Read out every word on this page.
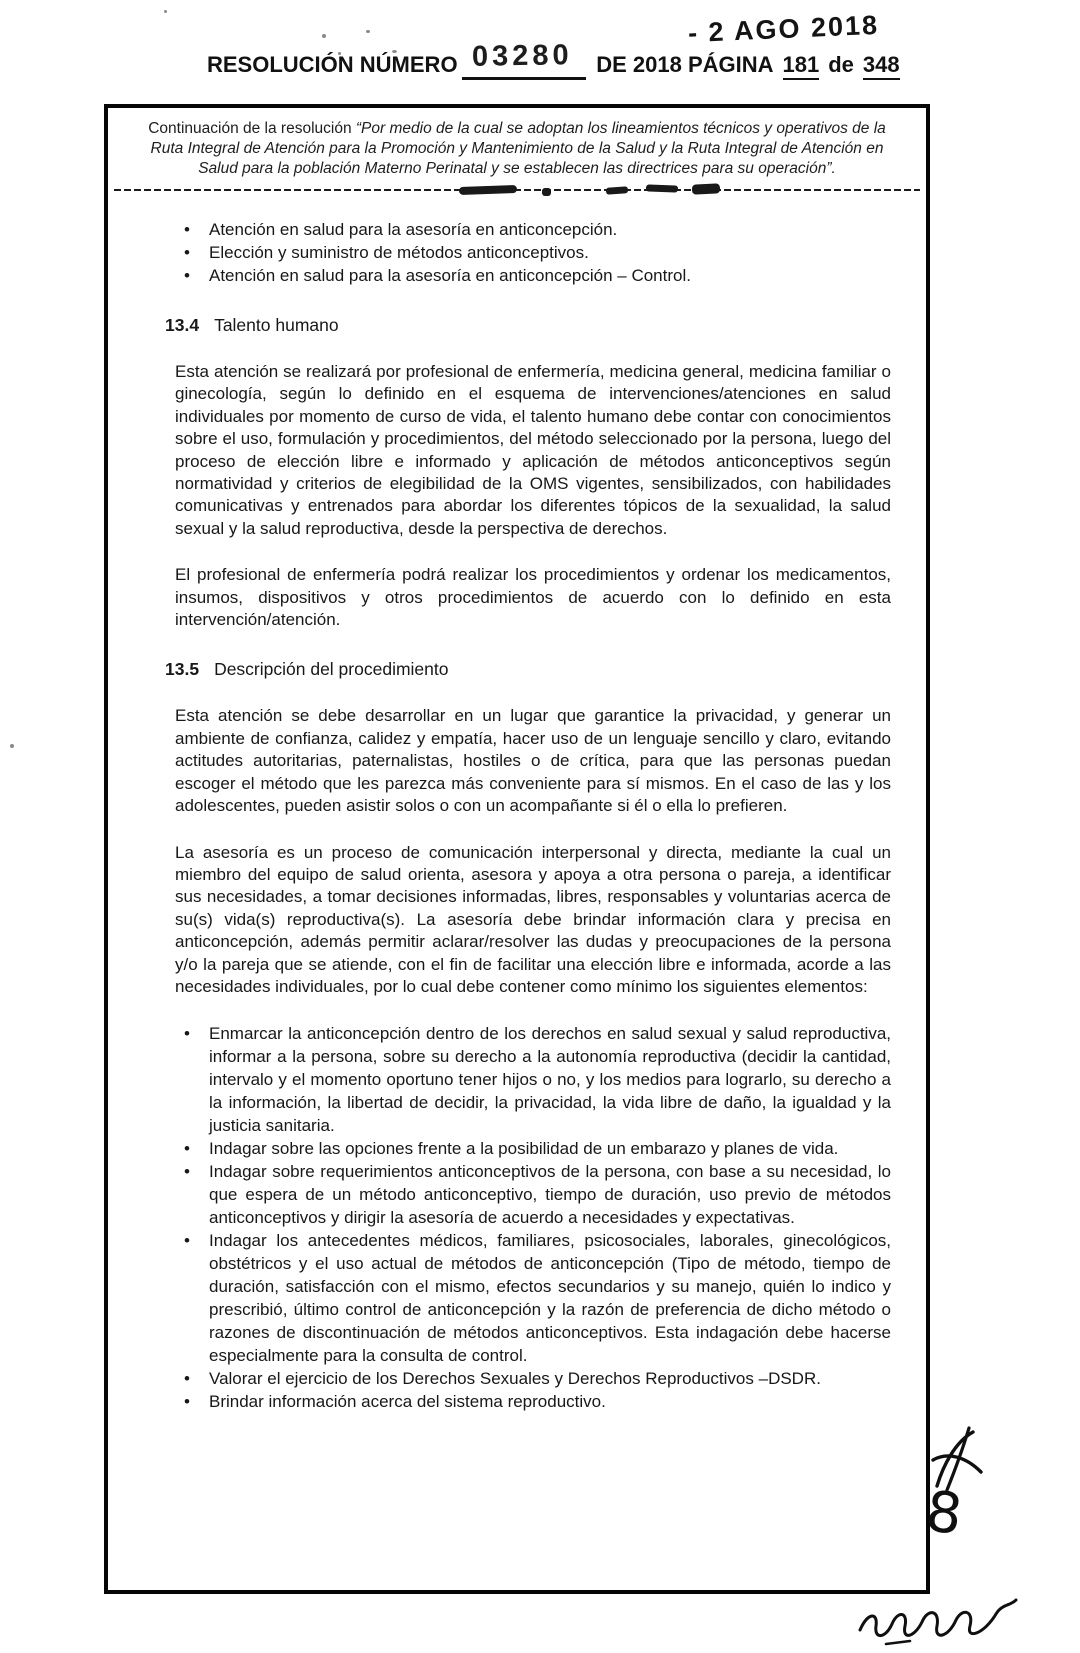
- 2 AGO 2018
RESOLUCIÓN NÚMERO 03280 DE 2018 PÁGINA 181 de 348

Continuación de la resolución “Por medio de la cual se adoptan los lineamientos técnicos y operativos de la Ruta Integral de Atención para la Promoción y Mantenimiento de la Salud y la Ruta Integral de Atención en Salud para la población Materno Perinatal y se establecen las directrices para su operación”.

•
Atención en salud para la asesoría en anticoncepción.
•
Elección y suministro de métodos anticonceptivos.
•
Atención en salud para la asesoría en anticoncepción – Control.
13.4 Talento humano

Esta atención se realizará por profesional de enfermería, medicina general, medicina familiar o ginecología, según lo definido en el esquema de intervenciones/atenciones en salud individuales por momento de curso de vida, el talento humano debe contar con conocimientos sobre el uso, formulación y procedimientos, del método seleccionado por la persona, luego del proceso de elección libre e informado y aplicación de métodos anticonceptivos según normatividad y criterios de elegibilidad de la OMS vigentes, sensibilizados, con habilidades comunicativas y entrenados para abordar los diferentes tópicos de la sexualidad, la salud sexual y la salud reproductiva, desde la perspectiva de derechos.

El profesional de enfermería podrá realizar los procedimientos y ordenar los medicamentos, insumos, dispositivos y otros procedimientos de acuerdo con lo definido en esta intervención/atención.

13.5 Descripción del procedimiento

Esta atención se debe desarrollar en un lugar que garantice la privacidad, y generar un ambiente de confianza, calidez y empatía, hacer uso de un lenguaje sencillo y claro, evitando actitudes autoritarias, paternalistas, hostiles o de crítica, para que las personas puedan escoger el método que les parezca más conveniente para sí mismos. En el caso de las y los adolescentes, pueden asistir solos o con un acompañante si él o ella lo prefieren.

La asesoría es un proceso de comunicación interpersonal y directa, mediante la cual un miembro del equipo de salud orienta, asesora y apoya a otra persona o pareja, a identificar sus necesidades, a tomar decisiones informadas, libres, responsables y voluntarias acerca de su(s) vida(s) reproductiva(s). La asesoría debe brindar información clara y precisa en anticoncepción, además permitir aclarar/resolver las dudas y preocupaciones de la persona y/o la pareja que se atiende, con el fin de facilitar una elección libre e informada, acorde a las necesidades individuales, por lo cual debe contener como mínimo los siguientes elementos:

•
Enmarcar la anticoncepción dentro de los derechos en salud sexual y salud reproductiva, informar a la persona, sobre su derecho a la autonomía reproductiva (decidir la cantidad, intervalo y el momento oportuno tener hijos o no, y los medios para lograrlo, su derecho a la información, la libertad de decidir, la privacidad, la vida libre de daño, la igualdad y la justicia sanitaria.
•
Indagar sobre las opciones frente a la posibilidad de un embarazo y planes de vida.
•
Indagar sobre requerimientos anticonceptivos de la persona, con base a su necesidad, lo que espera de un método anticonceptivo, tiempo de duración, uso previo de métodos anticonceptivos y dirigir la asesoría de acuerdo a necesidades y expectativas.
•
Indagar los antecedentes médicos, familiares, psicosociales, laborales, ginecológicos, obstétricos y el uso actual de métodos de anticoncepción (Tipo de método, tiempo de duración, satisfacción con el mismo, efectos secundarios y su manejo, quién lo indico y prescribió, último control de anticoncepción y la razón de preferencia de dicho método o razones de discontinuación de métodos anticonceptivos. Esta indagación debe hacerse especialmente para la consulta de control.
•
Valorar el ejercicio de los Derechos Sexuales y Derechos Reproductivos –DSDR.
•
Brindar información acerca del sistema reproductivo.
8
